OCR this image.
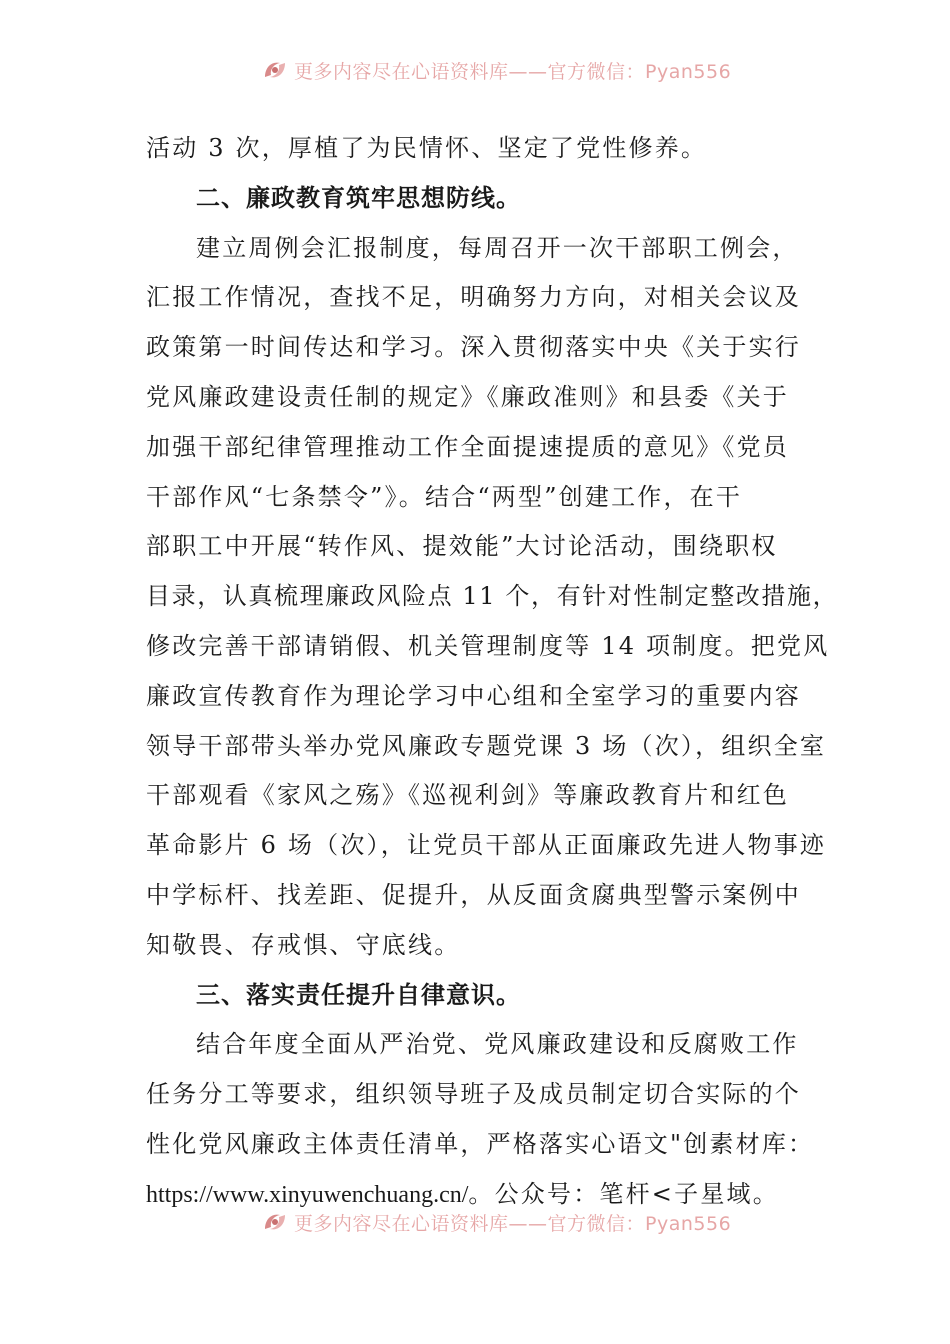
更多内容尽在心语资料库——官方微信：Pyan556
活动 3 次，厚植了为民情怀、坚定了党性修养。
二、廉政教育筑牢思想防线。
建立周例会汇报制度，每周召开一次干部职工例会，
汇报工作情况，查找不足，明确努力方向，对相关会议及
政策第一时间传达和学习。深入贯彻落实中央《关于实行
党风廉政建设责任制的规定》《廉政准则》和县委《关于
加强干部纪律管理推动工作全面提速提质的意见》《党员
干部作风“七条禁令”》。结合“两型”创建工作，在干
部职工中开展“转作风、提效能”大讨论活动，围绕职权
目录，认真梳理廉政风险点 11 个，有针对性制定整改措施，
修改完善干部请销假、机关管理制度等 14 项制度。把党风
廉政宣传教育作为理论学习中心组和全室学习的重要内容
领导干部带头举办党风廉政专题党课 3 场（次），组织全室
干部观看《家风之殇》《巡视利剑》等廉政教育片和红色
革命影片 6 场（次），让党员干部从正面廉政先进人物事迹
中学标杆、找差距、促提升，从反面贪腐典型警示案例中
知敬畏、存戒惧、守底线。
三、落实责任提升自律意识。
结合年度全面从严治党、党风廉政建设和反腐败工作
任务分工等要求，组织领导班子及成员制定切合实际的个
性化党风廉政主体责任清单，严格落实心语文"创素材库：
https://www.xinyuwenchuang.cn/。公众号：笔杆<子星域。
更多内容尽在心语资料库——官方微信：Pyan556
